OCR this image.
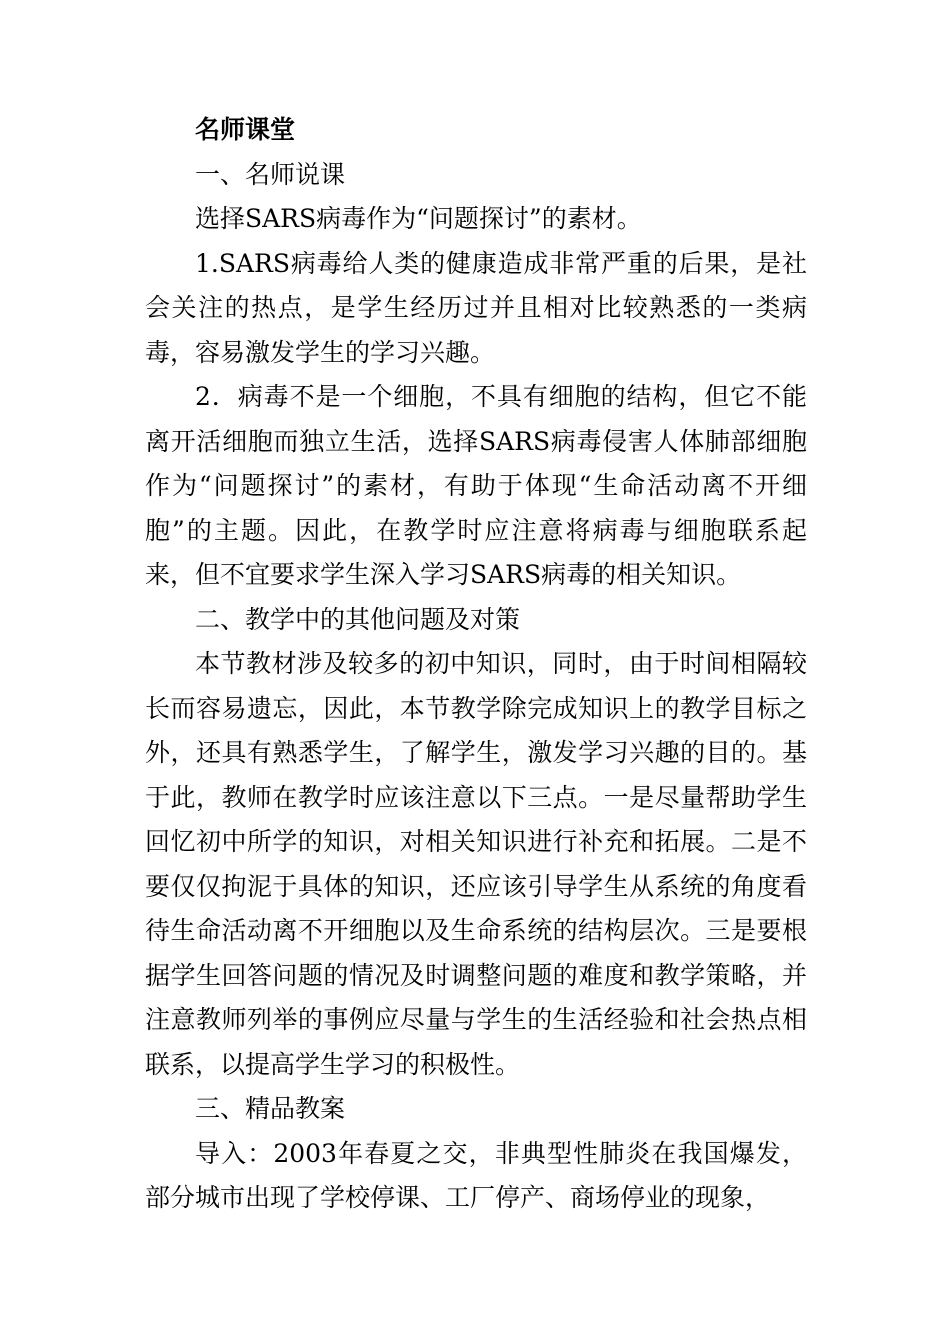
名师课堂

一、名师说课

选择SARS病毒作为“问题探讨”的素材。

1.SARS病毒给人类的健康造成非常严重的后果，是社会关注的热点，是学生经历过并且相对比较熟悉的一类病毒，容易激发学生的学习兴趣。

2．病毒不是一个细胞，不具有细胞的结构，但它不能离开活细胞而独立生活，选择SARS病毒侵害人体肺部细胞作为“问题探讨”的素材，有助于体现“生命活动离不开细胞”的主题。因此，在教学时应注意将病毒与细胞联系起来，但不宜要求学生深入学习SARS病毒的相关知识。

二、教学中的其他问题及对策

本节教材涉及较多的初中知识，同时，由于时间相隔较长而容易遗忘，因此，本节教学除完成知识上的教学目标之外，还具有熟悉学生，了解学生，激发学习兴趣的目的。基于此，教师在教学时应该注意以下三点。一是尽量帮助学生回忆初中所学的知识，对相关知识进行补充和拓展。二是不要仅仅拘泥于具体的知识，还应该引导学生从系统的角度看待生命活动离不开细胞以及生命系统的结构层次。三是要根据学生回答问题的情况及时调整问题的难度和教学策略，并注意教师列举的事例应尽量与学生的生活经验和社会热点相联系，以提高学生学习的积极性。

三、精品教案

导入：2003年春夏之交，非典型性肺炎在我国爆发，部分城市出现了学校停课、工厂停产、商场停业的现象，
